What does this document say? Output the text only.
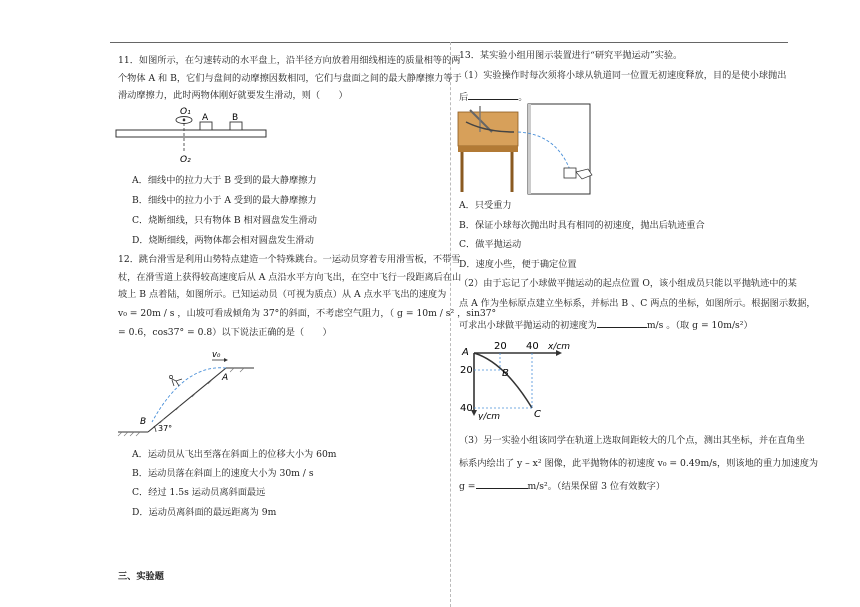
11．如图所示，在匀速转动的水平盘上，沿半径方向放着用细线相连的质量相等的两
个物体 A 和 B，它们与盘间的动摩擦因数相同，它们与盘面之间的最大静摩擦力等于
滑动摩擦力，此时两物体刚好就要发生滑动，则（　　）
O₁
O₂
A	B
A．细线中的拉力大于 B 受到的最大静摩擦力
B．细线中的拉力小于 A 受到的最大静摩擦力
C．烧断细线，只有物体 B 相对圆盘发生滑动
D．烧断细线，两物体都会相对圆盘发生滑动
12．跳台滑雪是利用山势特点建造一个特殊跳台。一运动员穿着专用滑雪板，不带雪
杖，在滑雪道上获得较高速度后从 A 点沿水平方向飞出，在空中飞行一段距离后在山
坡上 B 点着陆，如图所示。已知运动员（可视为质点）从 A 点水平飞出的速度为
v₀ = 20m / s ，山坡可看成倾角为 37°的斜面，不考虑空气阻力，（ g = 10m / s² ，sin37°
= 0.6，cos37° = 0.8）以下说法正确的是（　　）
v₀
A
B
37°
A．运动员从飞出至落在斜面上的位移大小为 60m
B．运动员落在斜面上的速度大小为 30m / s
C．经过 1.5s 运动员离斜面最远
D．运动员离斜面的最远距离为 9m
三、实验题
13．某实验小组用图示装置进行“研究平抛运动”实验。
（1）实验操作时每次须将小球从轨道同一位置无初速度释放，目的是使小球抛出
后	。
A．只受重力
B．保证小球每次抛出时具有相同的初速度，抛出后轨迹重合
C．做平抛运动
D．速度小些，便于确定位置
（2）由于忘记了小球做平抛运动的起点位置 O，该小组成员只能以平抛轨迹中的某
点 A 作为坐标原点建立坐标系，并标出 B 、C 两点的坐标，如图所示。根据图示数据，
可求出小球做平抛运动的初速度为	m/s 。（取 g = 10m/s²）
A
20 40 x/cm
20
40
y/cm
B
C
（3）另一实验小组该同学在轨道上选取间距较大的几个点，测出其坐标，并在直角坐
标系内绘出了 y – x² 图像，此平抛物体的初速度 v₀ = 0.49m/s，则该地的重力加速度为
g =	m/s²。（结果保留 3 位有效数字）
